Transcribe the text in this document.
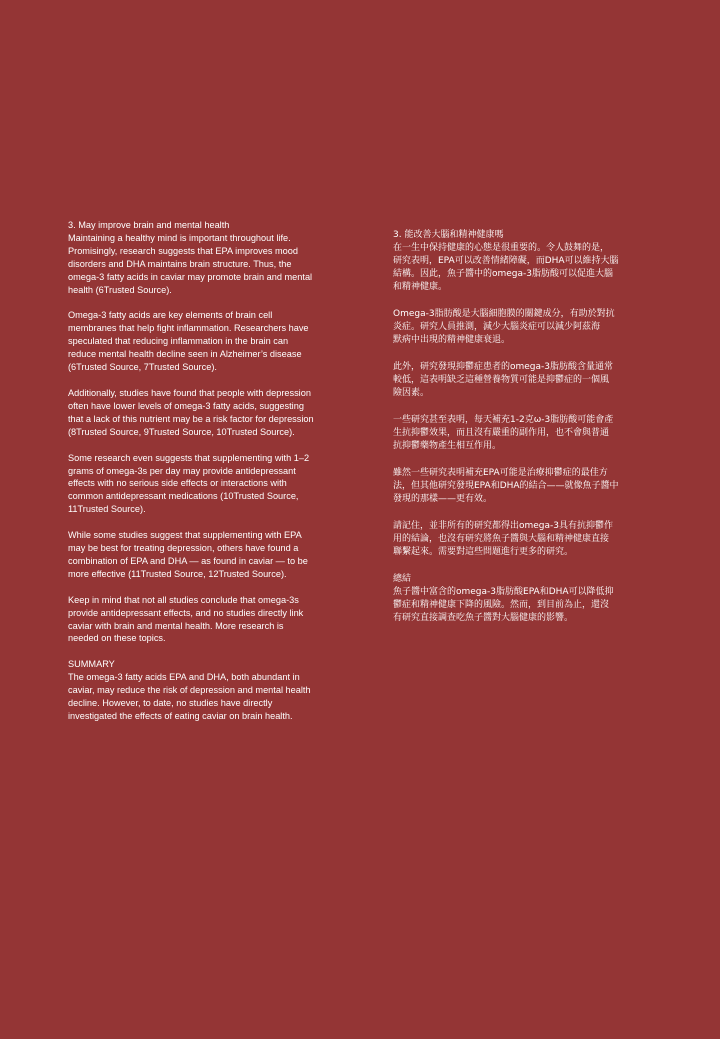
3. May improve brain and mental health
Maintaining a healthy mind is important throughout life.
Promisingly, research suggests that EPA improves mood
disorders and DHA maintains brain structure. Thus, the
omega-3 fatty acids in caviar may promote brain and mental
health (6Trusted Source).
Omega-3 fatty acids are key elements of brain cell
membranes that help fight inflammation. Researchers have
speculated that reducing inflammation in the brain can
reduce mental health decline seen in Alzheimer’s disease
(6Trusted Source, 7Trusted Source).
Additionally, studies have found that people with depression
often have lower levels of omega-3 fatty acids, suggesting
that a lack of this nutrient may be a risk factor for depression
(8Trusted Source, 9Trusted Source, 10Trusted Source).
Some research even suggests that supplementing with 1–2
grams of omega-3s per day may provide antidepressant
effects with no serious side effects or interactions with
common antidepressant medications (10Trusted Source,
11Trusted Source).
While some studies suggest that supplementing with EPA
may be best for treating depression, others have found a
combination of EPA and DHA — as found in caviar — to be
more effective (11Trusted Source, 12Trusted Source).
Keep in mind that not all studies conclude that omega-3s
provide antidepressant effects, and no studies directly link
caviar with brain and mental health. More research is
needed on these topics.
SUMMARY
The omega-3 fatty acids EPA and DHA, both abundant in
caviar, may reduce the risk of depression and mental health
decline. However, to date, no studies have directly
investigated the effects of eating caviar on brain health.
3. 能改善大腦和精神健康嗎
在一生中保持健康的心態是很重要的。令人鼓舞的是，
研究表明，EPA可以改善情緒障礙，而DHA可以維持大腦
結構。因此，魚子醬中的omega-3脂肪酸可以促進大腦
和精神健康。
Omega-3脂肪酸是大腦細胞膜的關鍵成分，有助於對抗
炎症。研究人員推測，減少大腦炎症可以減少阿茲海
默病中出現的精神健康衰退。
此外，研究發現抑鬱症患者的omega-3脂肪酸含量通常
較低，這表明缺乏這種營養物質可能是抑鬱症的一個風
險因素。
一些研究甚至表明，每天補充1-2克ω-3脂肪酸可能會產
生抗抑鬱效果，而且沒有嚴重的副作用，也不會與普通
抗抑鬱藥物產生相互作用。
雖然一些研究表明補充EPA可能是治療抑鬱症的最佳方
法，但其他研究發現EPA和DHA的結合——就像魚子醬中
發現的那樣——更有效。
請記住，並非所有的研究都得出omega-3具有抗抑鬱作
用的結論，也沒有研究將魚子醬與大腦和精神健康直接
聯繫起來。需要對這些問題進行更多的研究。
總結
魚子醬中富含的omega-3脂肪酸EPA和DHA可以降低抑
鬱症和精神健康下降的風險。然而，到目前為止，還沒
有研究直接調查吃魚子醬對大腦健康的影響。
